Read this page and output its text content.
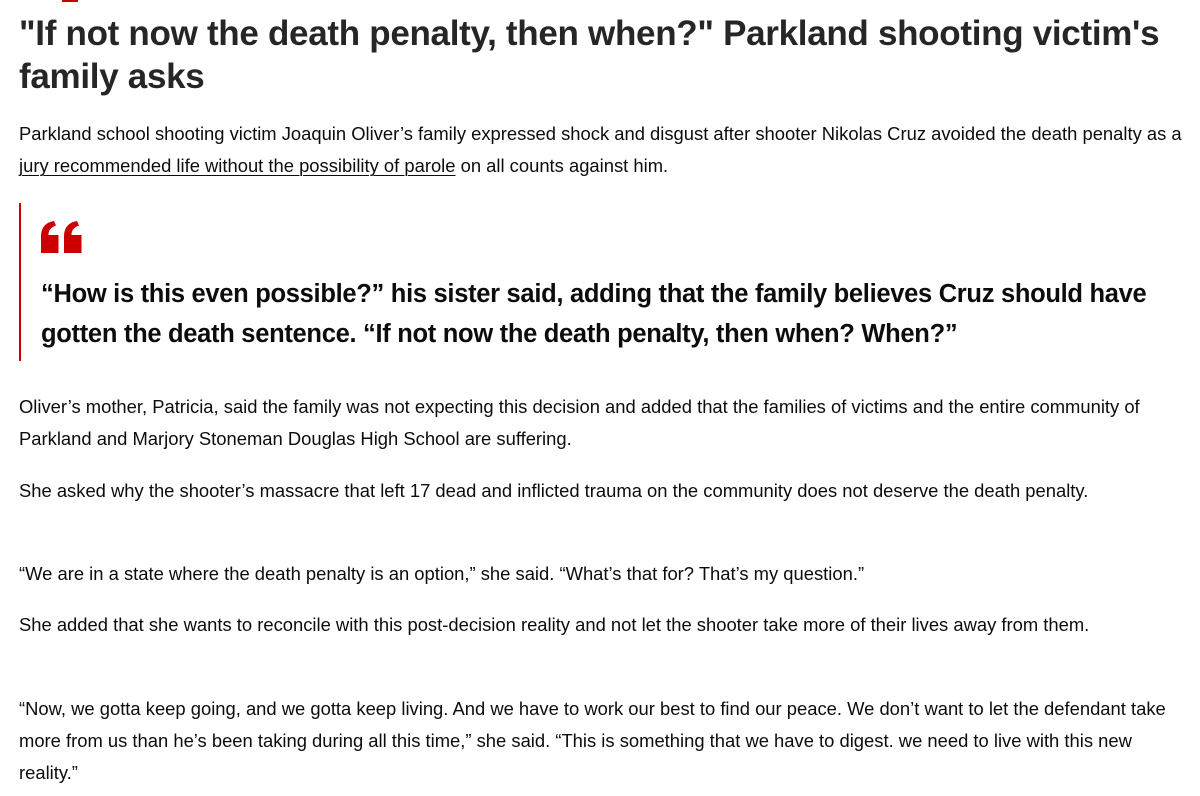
"If not now the death penalty, then when?" Parkland shooting victim's family asks

Parkland school shooting victim Joaquin Oliver’s family expressed shock and disgust after shooter Nikolas Cruz avoided the death penalty as a jury recommended life without the possibility of parole on all counts against him.

“How is this even possible?” his sister said, adding that the family believes Cruz should have gotten the death sentence. “If not now the death penalty, then when? When?”

Oliver’s mother, Patricia, said the family was not expecting this decision and added that the families of victims and the entire community of Parkland and Marjory Stoneman Douglas High School are suffering.

She asked why the shooter’s massacre that left 17 dead and inflicted trauma on the community does not deserve the death penalty.

“We are in a state where the death penalty is an option,” she said. “What’s that for? That’s my question.”

She added that she wants to reconcile with this post-decision reality and not let the shooter take more of their lives away from them.

“Now, we gotta keep going, and we gotta keep living. And we have to work our best to find our peace. We don’t want to let the defendant take more from us than he’s been taking during all this time,” she said. “This is something that we have to digest. we need to live with this new reality.”
